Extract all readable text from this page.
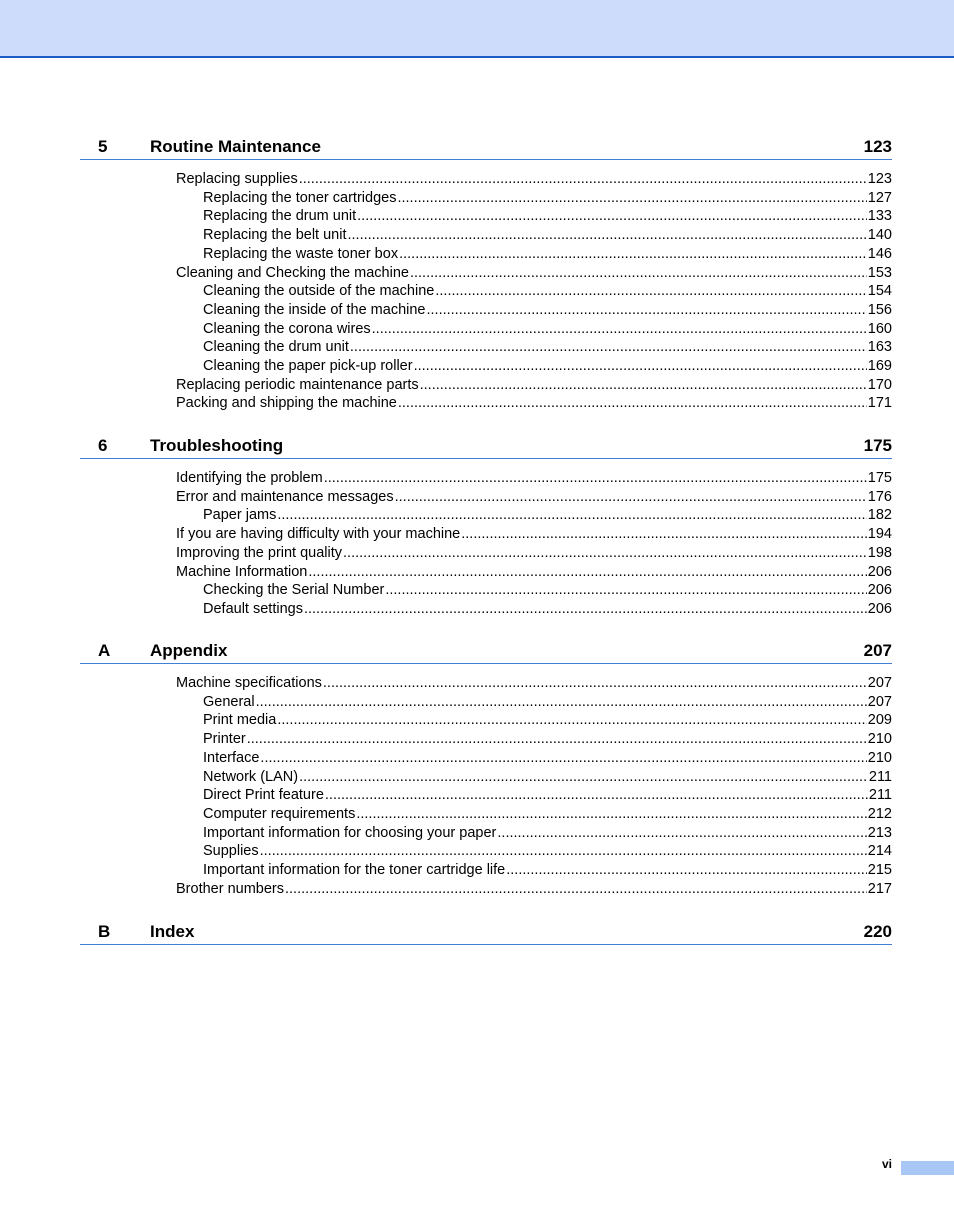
5	Routine Maintenance	123
Replacing supplies .....	123
Replacing the toner cartridges .....	127
Replacing the drum unit .....	133
Replacing the belt unit .....	140
Replacing the waste toner box .....	146
Cleaning and Checking the machine .....	153
Cleaning the outside of the machine .....	154
Cleaning the inside of the machine .....	156
Cleaning the corona wires .....	160
Cleaning the drum unit .....	163
Cleaning the paper pick-up roller .....	169
Replacing periodic maintenance parts .....	170
Packing and shipping the machine .....	171
6	Troubleshooting	175
Identifying the problem .....	175
Error and maintenance messages .....	176
Paper jams .....	182
If you are having difficulty with your machine .....	194
Improving the print quality .....	198
Machine Information .....	206
Checking the Serial Number .....	206
Default settings .....	206
A Appendix	207
Machine specifications .....	207
General .....	207
Print media .....	209
Printer .....	210
Interface .....	210
Network (LAN) .....	211
Direct Print feature .....	211
Computer requirements .....	212
Important information for choosing your paper .....	213
Supplies .....	214
Important information for the toner cartridge life .....	215
Brother numbers .....	217
B Index	220
vi
